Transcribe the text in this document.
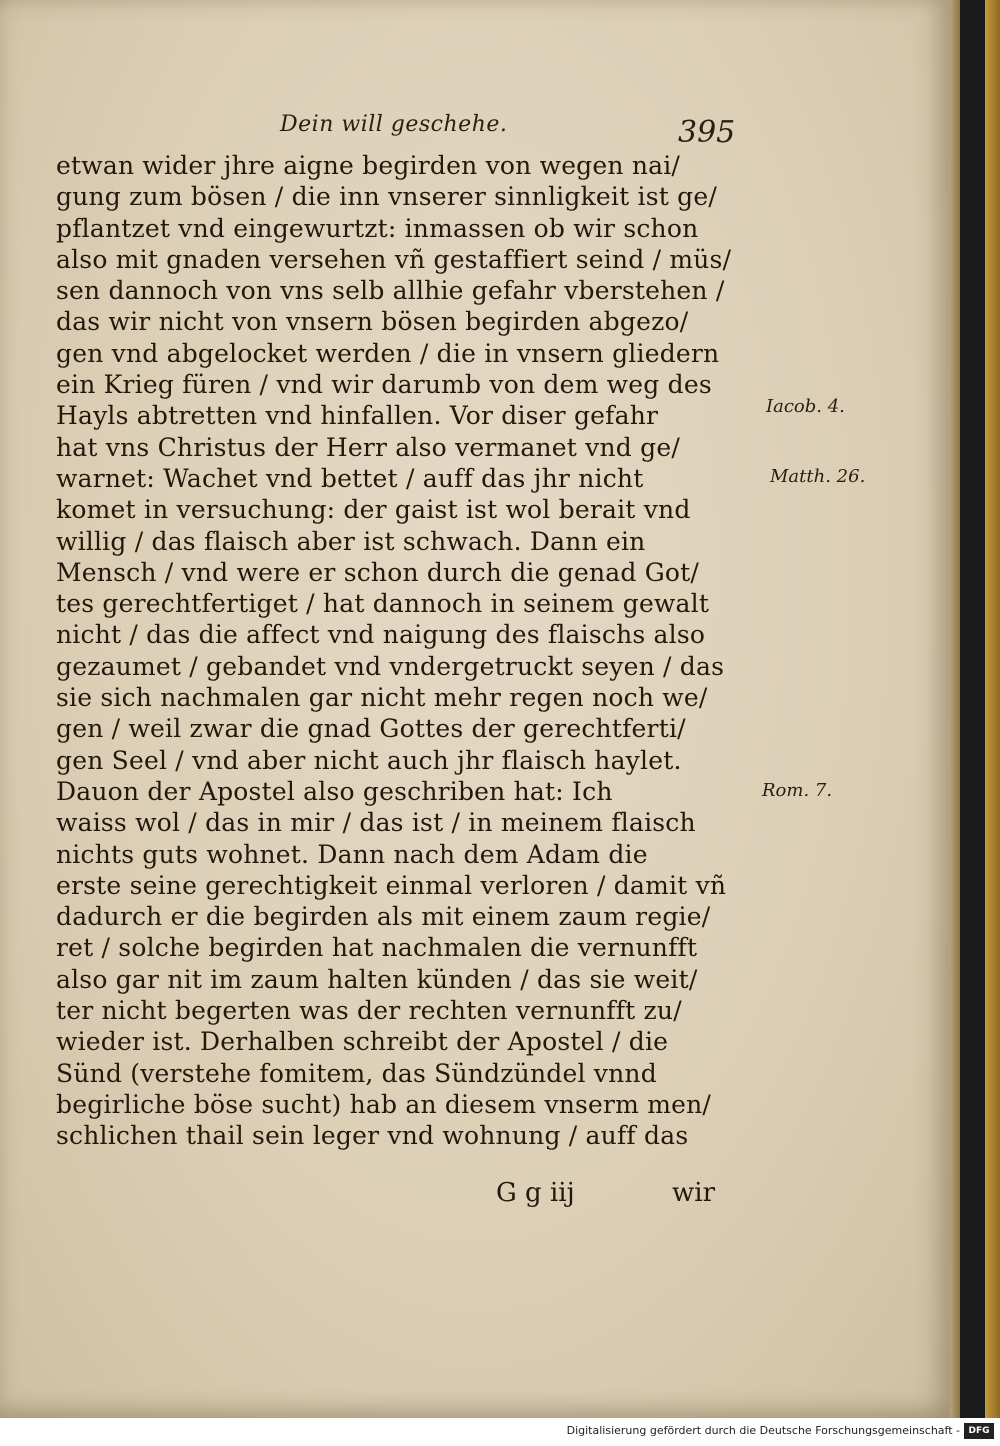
Dein will geschehe.	395
etwan wider jhre aigne begirden von wegen nai/
gung zum bösen / die inn vnserer sinnligkeit ist ge/
pflantzet vnd eingewurtzt: inmassen ob wir schon
also mit gnaden versehen vñ gestaffiert seind / müs/
sen dannoch von vns selb allhie gefahr vberstehen /
das wir nicht von vnsern bösen begirden abgezo/
gen vnd abgelocket werden / die in vnsern gliedern
ein Krieg füren / vnd wir darumb von dem weg des
Hayls abtretten vnd hinfallen. Vor diser gefahr
hat vns Christus der Herr also vermanet vnd ge/
warnet: Wachet vnd bettet / auff das jhr nicht
komet in versuchung: der gaist ist wol berait vnd
willig / das flaisch aber ist schwach. Dann ein
Mensch / vnd were er schon durch die genad Got/
tes gerechtfertiget / hat dannoch in seinem gewalt
nicht / das die affect vnd naigung des flaischs also
gezaumet / gebandet vnd vndergetruckt seyen / das
sie sich nachmalen gar nicht mehr regen noch we/
gen / weil zwar die gnad Gottes der gerechtferti/
gen Seel / vnd aber nicht auch jhr flaisch haylet.
Dauon der Apostel also geschriben hat: Ich
waiss wol / das in mir / das ist / in meinem flaisch
nichts guts wohnet. Dann nach dem Adam die
erste seine gerechtigkeit einmal verloren / damit vñ
dadurch er die begirden als mit einem zaum regie/
ret / solche begirden hat nachmalen die vernunfft
also gar nit im zaum halten künden / das sie weit/
ter nicht begerten was der rechten vernunfft zu/
wieder ist. Derhalben schreibt der Apostel / die
Sünd (verstehe fomitem, das Sündzündel vnnd
begirliche böse sucht) hab an diesem vnserm men/
schlichen thail sein leger vnd wohnung / auff das
Iacob. 4.
Matth. 26.
Rom. 7.
G g iij	wir
Digitalisierung gefördert durch die Deutsche Forschungsgemeinschaft - DFG
